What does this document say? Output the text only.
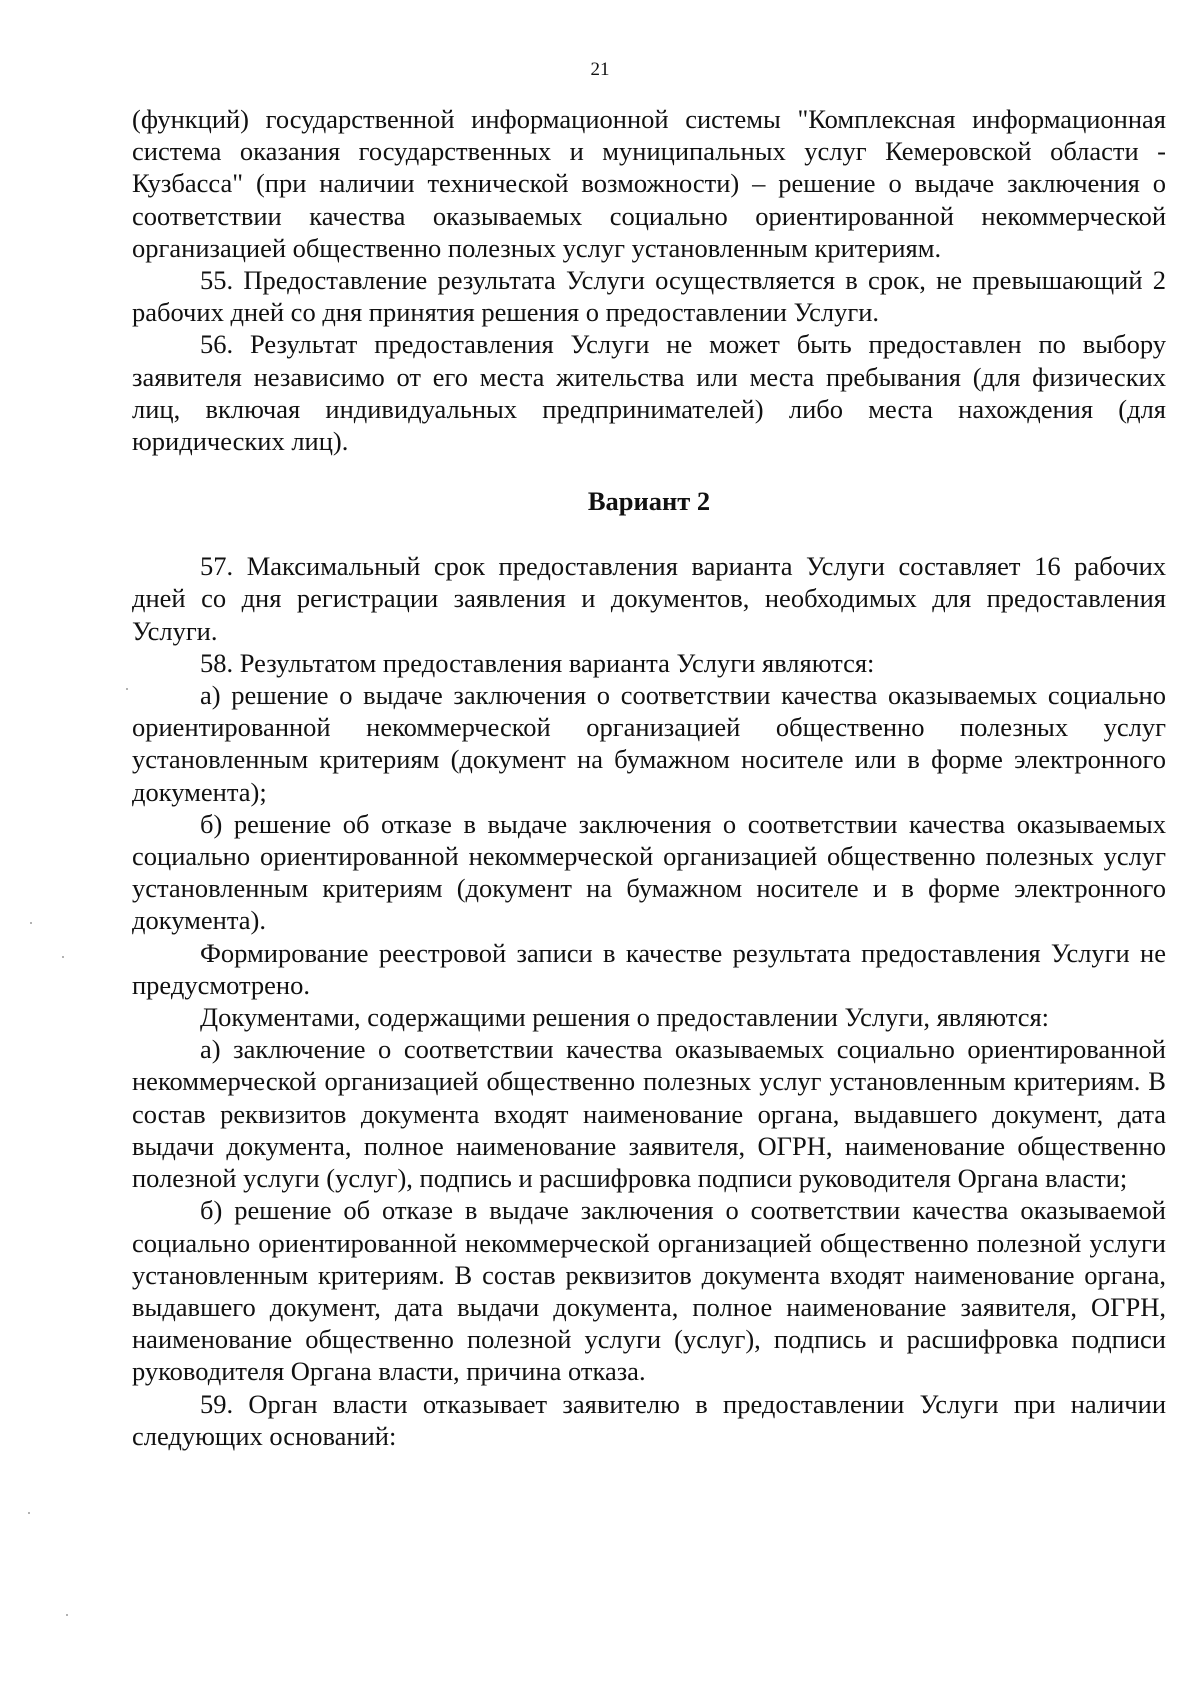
21

(функций) государственной информационной системы "Комплексная информационная система оказания государственных и муниципальных услуг Кемеровской области - Кузбасса" (при наличии технической возможности) – решение о выдаче заключения о соответствии качества оказываемых социально ориентированной некоммерческой организацией общественно полезных услуг установленным критериям.

55. Предоставление результата Услуги осуществляется в срок, не превышающий 2 рабочих дней со дня принятия решения о предоставлении Услуги.

56. Результат предоставления Услуги не может быть предоставлен по выбору заявителя независимо от его места жительства или места пребывания (для физических лиц, включая индивидуальных предпринимателей) либо места нахождения (для юридических лиц).

Вариант 2

57. Максимальный срок предоставления варианта Услуги составляет 16 рабочих дней со дня регистрации заявления и документов, необходимых для предоставления Услуги.

58. Результатом предоставления варианта Услуги являются:

а) решение о выдаче заключения о соответствии качества оказываемых социально ориентированной некоммерческой организацией общественно полезных услуг установленным критериям (документ на бумажном носителе или в форме электронного документа);

б) решение об отказе в выдаче заключения о соответствии качества оказываемых социально ориентированной некоммерческой организацией общественно полезных услуг установленным критериям (документ на бумажном носителе и в форме электронного документа).

Формирование реестровой записи в качестве результата предоставления Услуги не предусмотрено.

Документами, содержащими решения о предоставлении Услуги, являются:

а) заключение о соответствии качества оказываемых социально ориентированной некоммерческой организацией общественно полезных услуг установленным критериям. В состав реквизитов документа входят наименование органа, выдавшего документ, дата выдачи документа, полное наименование заявителя, ОГРН, наименование общественно полезной услуги (услуг), подпись и расшифровка подписи руководителя Органа власти;

б) решение об отказе в выдаче заключения о соответствии качества оказываемой социально ориентированной некоммерческой организацией общественно полезной услуги установленным критериям. В состав реквизитов документа входят наименование органа, выдавшего документ, дата выдачи документа, полное наименование заявителя, ОГРН, наименование общественно полезной услуги (услуг), подпись и расшифровка подписи руководителя Органа власти, причина отказа.

59. Орган власти отказывает заявителю в предоставлении Услуги при наличии следующих оснований:
